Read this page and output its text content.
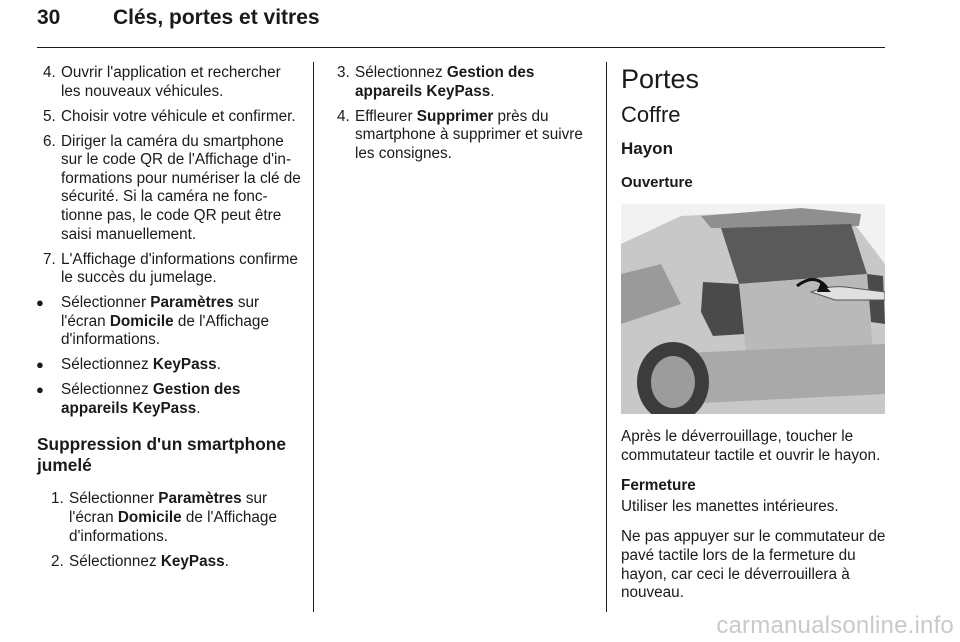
30	Clés, portes et vitres
4. Ouvrir l'application et rechercher les nouveaux véhicules.
5. Choisir votre véhicule et confirmer.
6. Diriger la caméra du smartphone sur le code QR de l'Affichage d'informations pour numériser la clé de sécurité. Si la caméra ne fonctionne pas, le code QR peut être saisi manuellement.
7. L'Affichage d'informations confirme le succès du jumelage.
● Sélectionner Paramètres sur l'écran Domicile de l'Affichage d'informations.
● Sélectionnez KeyPass.
● Sélectionnez Gestion des appareils KeyPass.
Suppression d'un smartphone jumelé
1. Sélectionner Paramètres sur l'écran Domicile de l'Affichage d'informations.
2. Sélectionnez KeyPass.
3. Sélectionnez Gestion des appareils KeyPass.
4. Effleurer Supprimer près du smartphone à supprimer et suivre les consignes.
Portes
Coffre
Hayon
Ouverture
Après le déverrouillage, toucher le commutateur tactile et ouvrir le hayon.
Fermeture
Utiliser les manettes intérieures.
Ne pas appuyer sur le commutateur de pavé tactile lors de la fermeture du hayon, car ceci le déverrouillera à nouveau.
carmanualsonline.info
